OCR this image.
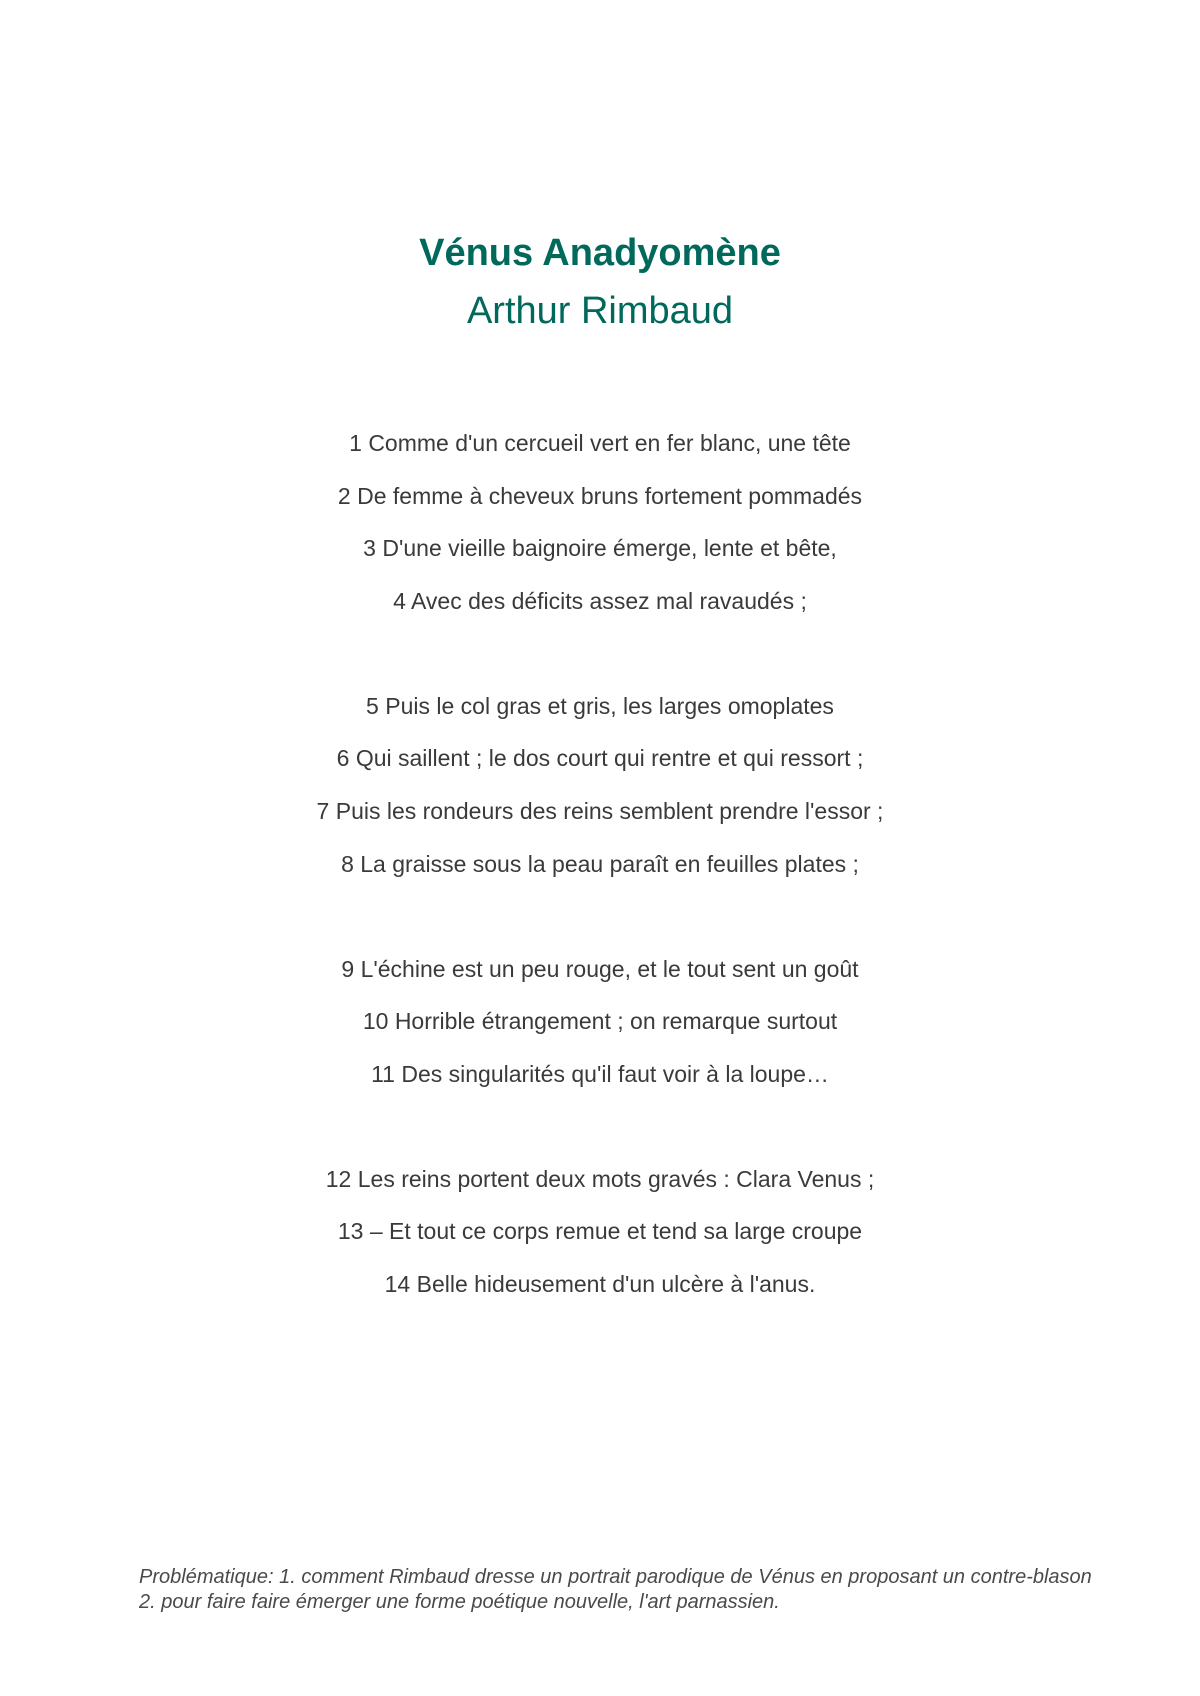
Vénus Anadyomène
Arthur Rimbaud
1 Comme d'un cercueil vert en fer blanc, une tête
2 De femme à cheveux bruns fortement pommadés
3 D'une vieille baignoire émerge, lente et bête,
4 Avec des déficits assez mal ravaudés ;
5 Puis le col gras et gris, les larges omoplates
6 Qui saillent ; le dos court qui rentre et qui ressort ;
7 Puis les rondeurs des reins semblent prendre l'essor ;
8 La graisse sous la peau paraît en feuilles plates ;
9 L'échine est un peu rouge, et le tout sent un goût
10 Horrible étrangement ; on remarque surtout
11 Des singularités qu'il faut voir à la loupe…
12 Les reins portent deux mots gravés : Clara Venus ;
13 – Et tout ce corps remue et tend sa large croupe
14 Belle hideusement d'un ulcère à l'anus.

Problématique: 1. comment Rimbaud dresse un portrait parodique de Vénus en proposant un contre-blason 2. pour faire faire émerger une forme poétique nouvelle, l'art parnassien.
